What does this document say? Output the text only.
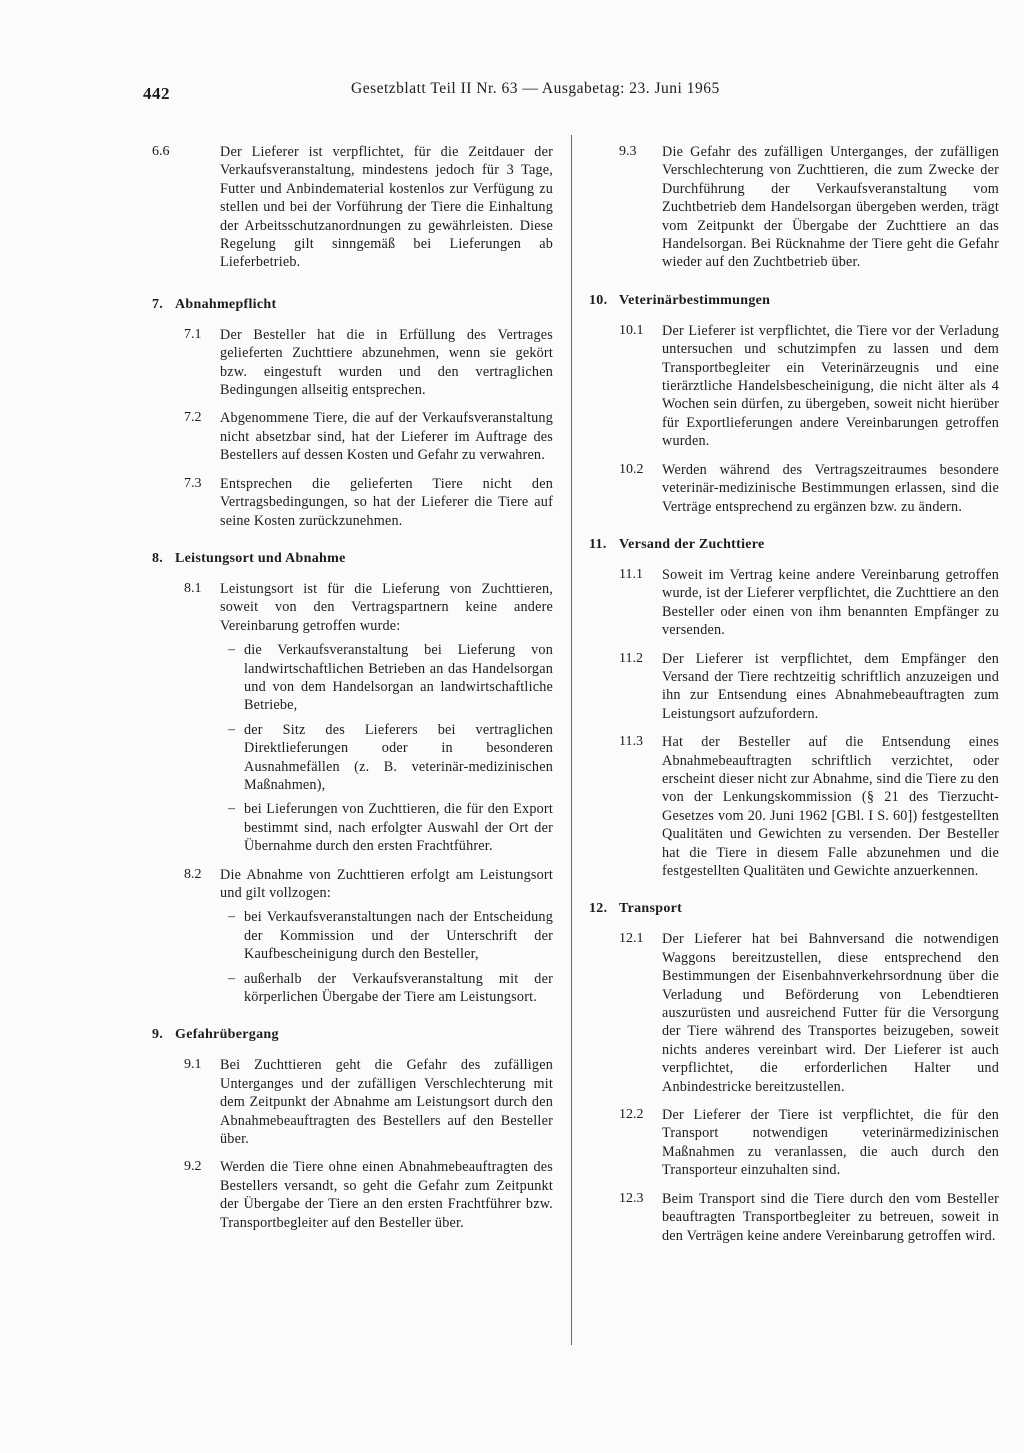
442	Gesetzblatt Teil II Nr. 63 — Ausgabetag: 23. Juni 1965
6.6	Der Lieferer ist verpflichtet, für die Zeitdauer der Verkaufsveranstaltung, mindestens jedoch für 3 Tage, Futter und Anbindematerial kostenlos zur Verfügung zu stellen und bei der Vorführung der Tiere die Einhaltung der Arbeitsschutzanordnungen zu gewährleisten. Diese Regelung gilt sinngemäß bei Lieferungen ab Lieferbetrieb.
7. Abnahmepflicht
7.1 Der Besteller hat die in Erfüllung des Vertrages gelieferten Zuchttiere abzunehmen, wenn sie gekört bzw. eingestuft wurden und den vertraglichen Bedingungen allseitig entsprechen.
7.2 Abgenommene Tiere, die auf der Verkaufsveranstaltung nicht absetzbar sind, hat der Lieferer im Auftrage des Bestellers auf dessen Kosten und Gefahr zu verwahren.
7.3 Entsprechen die gelieferten Tiere nicht den Vertragsbedingungen, so hat der Lieferer die Tiere auf seine Kosten zurückzunehmen.
8. Leistungsort und Abnahme
8.1 Leistungsort ist für die Lieferung von Zuchttieren, soweit von den Vertragspartnern keine andere Vereinbarung getroffen wurde:
– die Verkaufsveranstaltung bei Lieferung von landwirtschaftlichen Betrieben an das Handelsorgan und von dem Handelsorgan an landwirtschaftliche Betriebe,
– der Sitz des Lieferers bei vertraglichen Direktlieferungen oder in besonderen Ausnahmefällen (z. B. veterinär-medizinischen Maßnahmen),
– bei Lieferungen von Zuchttieren, die für den Export bestimmt sind, nach erfolgter Auswahl der Ort der Übernahme durch den ersten Frachtführer.
8.2 Die Abnahme von Zuchttieren erfolgt am Leistungsort und gilt vollzogen:
– bei Verkaufsveranstaltungen nach der Entscheidung der Kommission und der Unterschrift der Kaufbescheinigung durch den Besteller,
– außerhalb der Verkaufsveranstaltung mit der körperlichen Übergabe der Tiere am Leistungsort.
9. Gefahrübergang
9.1 Bei Zuchttieren geht die Gefahr des zufälligen Unterganges und der zufälligen Verschlechterung mit dem Zeitpunkt der Abnahme am Leistungsort durch den Abnahmebeauftragten des Bestellers auf den Besteller über.
9.2 Werden die Tiere ohne einen Abnahmebeauftragten des Bestellers versandt, so geht die Gefahr zum Zeitpunkt der Übergabe der Tiere an den ersten Frachtführer bzw. Transportbegleiter auf den Besteller über.
9.3 Die Gefahr des zufälligen Unterganges, der zufälligen Verschlechterung von Zuchttieren, die zum Zwecke der Durchführung der Verkaufsveranstaltung vom Zuchtbetrieb dem Handelsorgan übergeben werden, trägt vom Zeitpunkt der Übergabe der Zuchttiere an das Handelsorgan. Bei Rücknahme der Tiere geht die Gefahr wieder auf den Zuchtbetrieb über.
10. Veterinärbestimmungen
10.1 Der Lieferer ist verpflichtet, die Tiere vor der Verladung untersuchen und schutzimpfen zu lassen und dem Transportbegleiter ein Veterinärzeugnis und eine tierärztliche Handelsbescheinigung, die nicht älter als 4 Wochen sein dürfen, zu übergeben, soweit nicht hierüber für Exportlieferungen andere Vereinbarungen getroffen wurden.
10.2 Werden während des Vertragszeitraumes besondere veterinär-medizinische Bestimmungen erlassen, sind die Verträge entsprechend zu ergänzen bzw. zu ändern.
11. Versand der Zuchttiere
11.1 Soweit im Vertrag keine andere Vereinbarung getroffen wurde, ist der Lieferer verpflichtet, die Zuchttiere an den Besteller oder einen von ihm benannten Empfänger zu versenden.
11.2 Der Lieferer ist verpflichtet, dem Empfänger den Versand der Tiere rechtzeitig schriftlich anzuzeigen und ihn zur Entsendung eines Abnahmebeauftragten zum Leistungsort aufzufordern.
11.3 Hat der Besteller auf die Entsendung eines Abnahmebeauftragten schriftlich verzichtet, oder erscheint dieser nicht zur Abnahme, sind die Tiere zu den von der Lenkungskommission (§ 21 des Tierzucht-Gesetzes vom 20. Juni 1962 [GBl. I S. 60]) festgestellten Qualitäten und Gewichten zu versenden. Der Besteller hat die Tiere in diesem Falle abzunehmen und die festgestellten Qualitäten und Gewichte anzuerkennen.
12. Transport
12.1 Der Lieferer hat bei Bahnversand die notwendigen Waggons bereitzustellen, diese entsprechend den Bestimmungen der Eisenbahnverkehrsordnung über die Verladung und Beförderung von Lebendtieren auszurüsten und ausreichend Futter für die Versorgung der Tiere während des Transportes beizugeben, soweit nichts anderes vereinbart wird. Der Lieferer ist auch verpflichtet, die erforderlichen Halter und Anbindestricke bereitzustellen.
12.2 Der Lieferer der Tiere ist verpflichtet, die für den Transport notwendigen veterinärmedizinischen Maßnahmen zu veranlassen, die auch durch den Transporteur einzuhalten sind.
12.3 Beim Transport sind die Tiere durch den vom Besteller beauftragten Transportbegleiter zu betreuen, soweit in den Verträgen keine andere Vereinbarung getroffen wird.
